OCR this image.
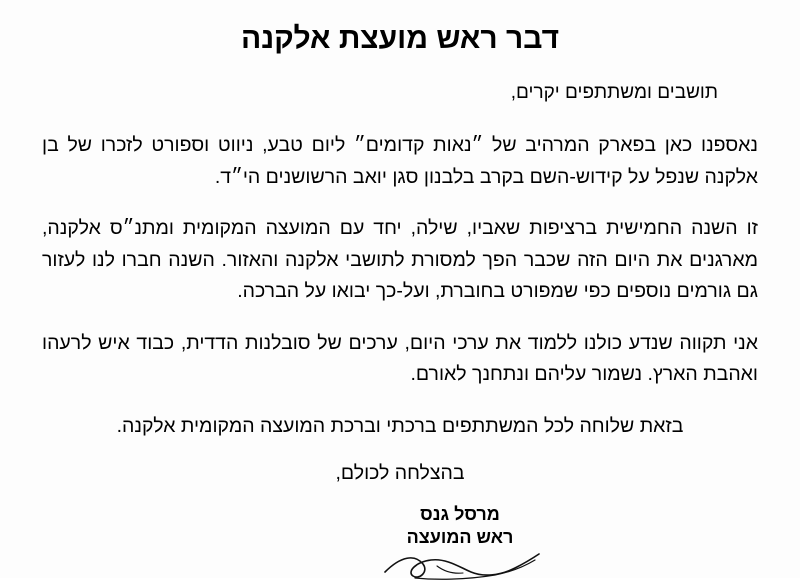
דבר ראש מועצת אלקנה
תושבים ומשתתפים יקרים,

נאספנו כאן בפארק המרהיב של ״נאות קדומים״ ליום טבע, ניווט וספורט לזכרו של בן אלקנה שנפל על קידוש-השם בקרב בלבנון סגן יואב הרשושנים הי״ד.

זו השנה החמישית ברציפות שאביו, שילה, יחד עם המועצה המקומית ומתנ״ס אלקנה, מארגנים את היום הזה שכבר הפך למסורת לתושבי אלקנה והאזור. השנה חברו לנו לעזור גם גורמים נוספים כפי שמפורט בחוברת, ועל-כך יבואו על הברכה.

אני תקווה שנדע כולנו ללמוד את ערכי היום, ערכים של סובלנות הדדית, כבוד איש לרעהו ואהבת הארץ. נשמור עליהם ונתחנך לאורם.

בזאת שלוחה לכל המשתתפים ברכתי וברכת המועצה המקומית אלקנה.

בהצלחה לכולם,
מרסל גנס
ראש המועצה
